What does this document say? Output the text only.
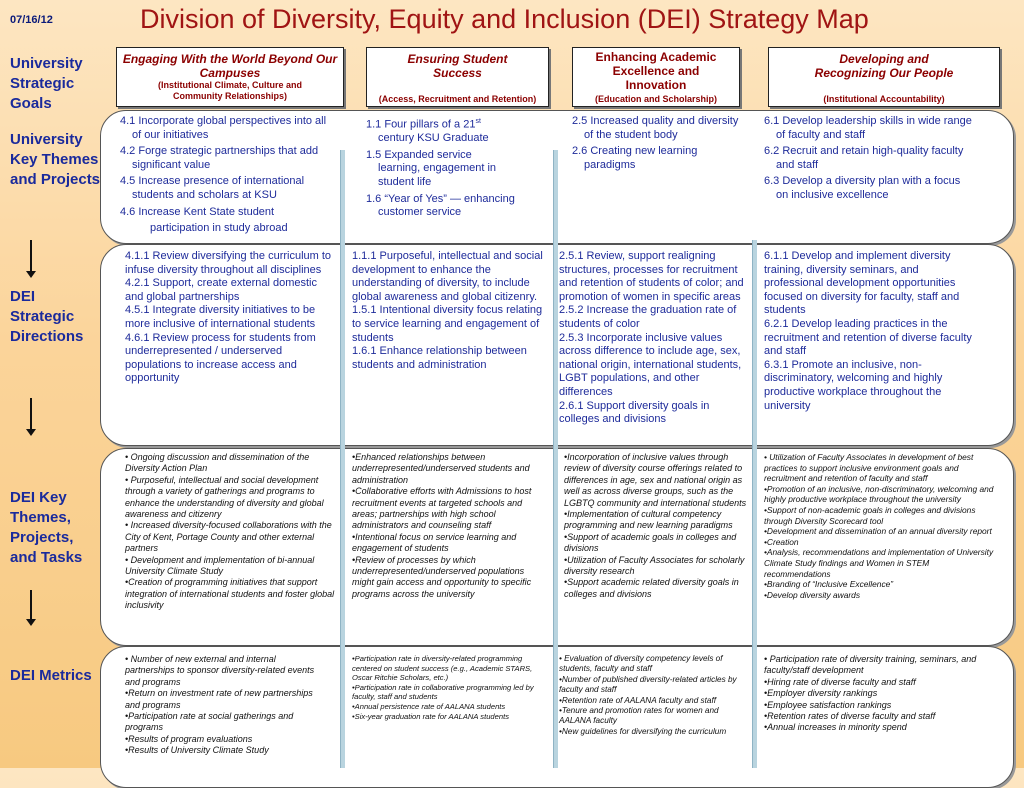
07/16/12	Division of Diversity, Equity and Inclusion (DEI) Strategy Map
University Strategic Goals
University Key Themes and Projects
DEI Strategic Directions
DEI Key Themes, Projects, and Tasks
DEI Metrics
Engaging With the World Beyond Our Campuses
(Institutional Climate, Culture and Community Relationships)
Ensuring Student Success
(Access, Recruitment and Retention)
Enhancing Academic Excellence and Innovation
(Education and Scholarship)
Developing and Recognizing Our People
(Institutional Accountability)
4.1 Incorporate global perspectives into all of our initiatives
4.2 Forge strategic partnerships that add significant value
4.5 Increase presence of international students and scholars at KSU
4.6 Increase Kent State student
participation in study abroad
1.1 Four pillars of a 21st century KSU Graduate
1.5 Expanded service learning, engagement in student life
1.6 “Year of Yes” — enhancing customer service
2.5 Increased quality and diversity of the student body
2.6 Creating new learning paradigms
6.1 Develop leadership skills in wide range of faculty and staff
6.2 Recruit and retain high-quality faculty and staff
6.3 Develop a diversity plan with a focus on inclusive excellence
4.1.1 Review diversifying the curriculum to infuse diversity throughout all disciplines
4.2.1 Support, create external domestic and global partnerships
4.5.1 Integrate diversity initiatives to be more inclusive of international students
4.6.1 Review process for students from underrepresented / underserved populations to increase access and opportunity
1.1.1 Purposeful, intellectual and social development to enhance the understanding of diversity, to include global awareness and global citizenry.
1.5.1 Intentional diversity focus relating to service learning and engagement of students
1.6.1 Enhance relationship between students and administration
2.5.1 Review, support realigning structures, processes for recruitment and retention of students of color; and promotion of women in specific areas
2.5.2 Increase the graduation rate of students of color
2.5.3 Incorporate inclusive values across difference to include age, sex, national origin, international students, LGBT populations, and other differences
2.6.1 Support diversity goals in colleges and divisions
6.1.1 Develop and implement diversity training, diversity seminars, and professional development opportunities focused on diversity for faculty, staff and students
6.2.1 Develop leading practices in the recruitment and retention of diverse faculty and staff
6.3.1 Promote an inclusive, non-discriminatory, welcoming and highly productive workplace throughout the university
• Ongoing discussion and dissemination of the Diversity Action Plan
• Purposeful, intellectual and social development through a variety of gatherings and programs to enhance the understanding of diversity and global awareness and citizenry
• Increased diversity-focused collaborations with the City of Kent, Portage County and other external partners
• Development and implementation of bi-annual University Climate Study
•Creation of programming initiatives that support integration of international students and foster global inclusivity
•Enhanced relationships between underrepresented/underserved students and administration
•Collaborative efforts with Admissions to host recruitment events at targeted schools and areas; partnerships with high school administrators and counseling staff
•Intentional focus on service learning and engagement of students
•Review of processes by which underrepresented/underserved populations might gain access and opportunity to specific programs across the university
•Incorporation of inclusive values through review of diversity course offerings related to differences in age, sex and national origin as well as across diverse groups, such as the LGBTQ community and international students
•Implementation of cultural competency programming and new learning paradigms
•Support of academic goals in colleges and divisions
•Utilization of Faculty Associates for scholarly diversity research
•Support academic related diversity goals in colleges and divisions
• Utilization of Faculty Associates in development of best practices to support inclusive environment goals and recruitment and retention of faculty and staff
•Promotion of an inclusive, non-discriminatory, welcoming and highly productive workplace throughout the university
•Support of non-academic goals in colleges and divisions through Diversity Scorecard tool
•Development and dissemination of an annual diversity report
•Creation
•Analysis, recommendations and implementation of University Climate Study findings and Women in STEM recommendations
•Branding of “Inclusive Excellence”
•Develop diversity awards
• Number of new external and internal partnerships to sponsor diversity-related events and programs
•Return on investment rate of new partnerships and programs
•Participation rate at social gatherings and programs
•Results of program evaluations
•Results of University Climate Study
•Participation rate in diversity-related programming centered on student success (e.g., Academic STARS, Oscar Ritchie Scholars, etc.)
•Participation rate in collaborative programming led by faculty, staff and students
•Annual persistence rate of AALANA students
•Six-year graduation rate for AALANA students
• Evaluation of diversity competency levels of students, faculty and staff
•Number of published diversity-related articles by faculty and staff
•Retention rate of AALANA faculty and staff
•Tenure and promotion rates for women and AALANA faculty
•New guidelines for diversifying the curriculum
• Participation rate of diversity training, seminars, and faculty/staff development
•Hiring rate of diverse faculty and staff
•Employer diversity rankings
•Employee satisfaction rankings
•Retention rates of diverse faculty and staff
•Annual increases in minority spend
